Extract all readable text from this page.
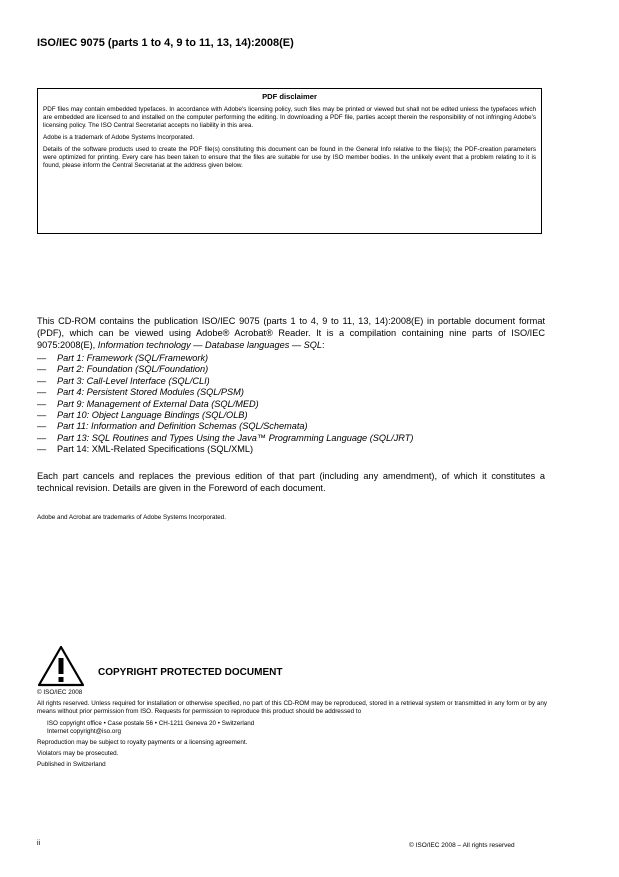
ISO/IEC 9075 (parts 1 to 4, 9 to 11, 13, 14):2008(E)
PDF disclaimer

PDF files may contain embedded typefaces. In accordance with Adobe's licensing policy, such files may be printed or viewed but shall not be edited unless the typefaces which are embedded are licensed to and installed on the computer performing the editing. In downloading a PDF file, parties accept therein the responsibility of not infringing Adobe's licensing policy. The ISO Central Secretariat accepts no liability in this area.

Adobe is a trademark of Adobe Systems Incorporated.

Details of the software products used to create the PDF file(s) constituting this document can be found in the General Info relative to the file(s); the PDF-creation parameters were optimized for printing. Every care has been taken to ensure that the files are suitable for use by ISO member bodies. In the unlikely event that a problem relating to it is found, please inform the Central Secretariat at the address given below.

This CD-ROM contains the publication ISO/IEC 9075 (parts 1 to 4, 9 to 11, 13, 14):2008(E) in portable document format (PDF), which can be viewed using Adobe® Acrobat® Reader. It is a compilation containing nine parts of ISO/IEC 9075:2008(E), Information technology — Database languages — SQL:
—	Part 1: Framework (SQL/Framework)
—	Part 2: Foundation (SQL/Foundation)
—	Part 3: Call-Level Interface (SQL/CLI)
—	Part 4: Persistent Stored Modules (SQL/PSM)
—	Part 9: Management of External Data (SQL/MED)
—	Part 10: Object Language Bindings (SQL/OLB)
—	Part 11: Information and Definition Schemas (SQL/Schemata)
—	Part 13: SQL Routines and Types Using the Java™ Programming Language (SQL/JRT)
—	Part 14: XML-Related Specifications (SQL/XML)
Each part cancels and replaces the previous edition of that part (including any amendment), of which it constitutes a technical revision. Details are given in the Foreword of each document.
Adobe and Acrobat are trademarks of Adobe Systems Incorporated.
COPYRIGHT PROTECTED DOCUMENT

© ISO/IEC 2008

All rights reserved. Unless required for installation or otherwise specified, no part of this CD-ROM may be reproduced, stored in a retrieval system or transmitted in any form or by any means without prior permission from ISO. Requests for permission to reproduce this product should be addressed to

ISO copyright office • Case postale 56 • CH-1211 Geneva 20 • Switzerland
Internet copyright@iso.org

Reproduction may be subject to royalty payments or a licensing agreement.

Violators may be prosecuted.

Published in Switzerland

ii	© ISO/IEC 2008 – All rights reserved
